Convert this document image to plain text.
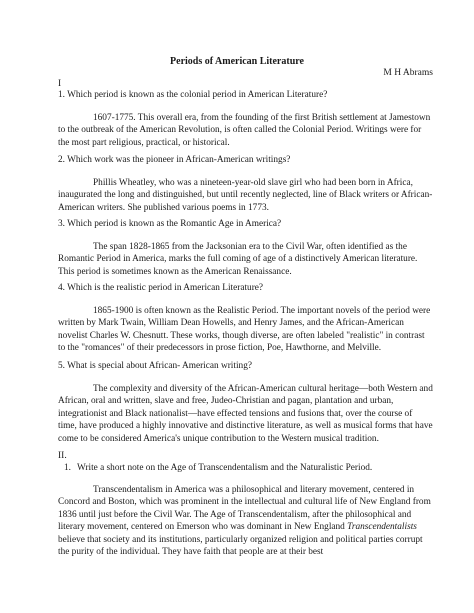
Periods of American Literature
M H Abrams
I
1. Which period is known as the colonial period in American Literature?
1607-1775. This overall era, from the founding of the first British settlement at Jamestown to the outbreak of the American Revolution, is often called the Colonial Period. Writings were for the most part religious, practical, or historical.
2. Which work was the pioneer in African-American writings?
Phillis Wheatley, who was a nineteen-year-old slave girl who had been born in Africa, inaugurated the long and distinguished, but until recently neglected, line of Black writers or African-American writers. She published various poems in 1773.
3. Which period is known as the Romantic Age in America?
The span 1828-1865 from the Jacksonian era to the Civil War, often identified as the Romantic Period in America, marks the full coming of age of a distinctively American literature. This period is sometimes known as the American Renaissance.
4. Which is the realistic period in American Literature?
1865-1900 is often known as the Realistic Period. The important novels of the period were written by Mark Twain, William Dean Howells, and Henry James, and the African-American novelist Charles W. Chesnutt. These works, though diverse, are often labeled "realistic" in contrast to the "romances" of their predecessors in prose fiction, Poe, Hawthorne, and Melville.
5. What is special about African- American writing?
The complexity and diversity of the African-American cultural heritage—both Western and African, oral and written, slave and free, Judeo-Christian and pagan, plantation and urban, integrationist and Black nationalist—have effected tensions and fusions that, over the course of time, have produced a highly innovative and distinctive literature, as well as musical forms that have come to be considered America's unique contribution to the Western musical tradition.
II.
1. Write a short note on the Age of Transcendentalism and the Naturalistic Period.
Transcendentalism in America was a philosophical and literary movement, centered in Concord and Boston, which was prominent in the intellectual and cultural life of New England from 1836 until just before the Civil War. The Age of Transcendentalism, after the philosophical and literary movement, centered on Emerson who was dominant in New England Transcendentalists believe that society and its institutions, particularly organized religion and political parties corrupt the purity of the individual. They have faith that people are at their best
